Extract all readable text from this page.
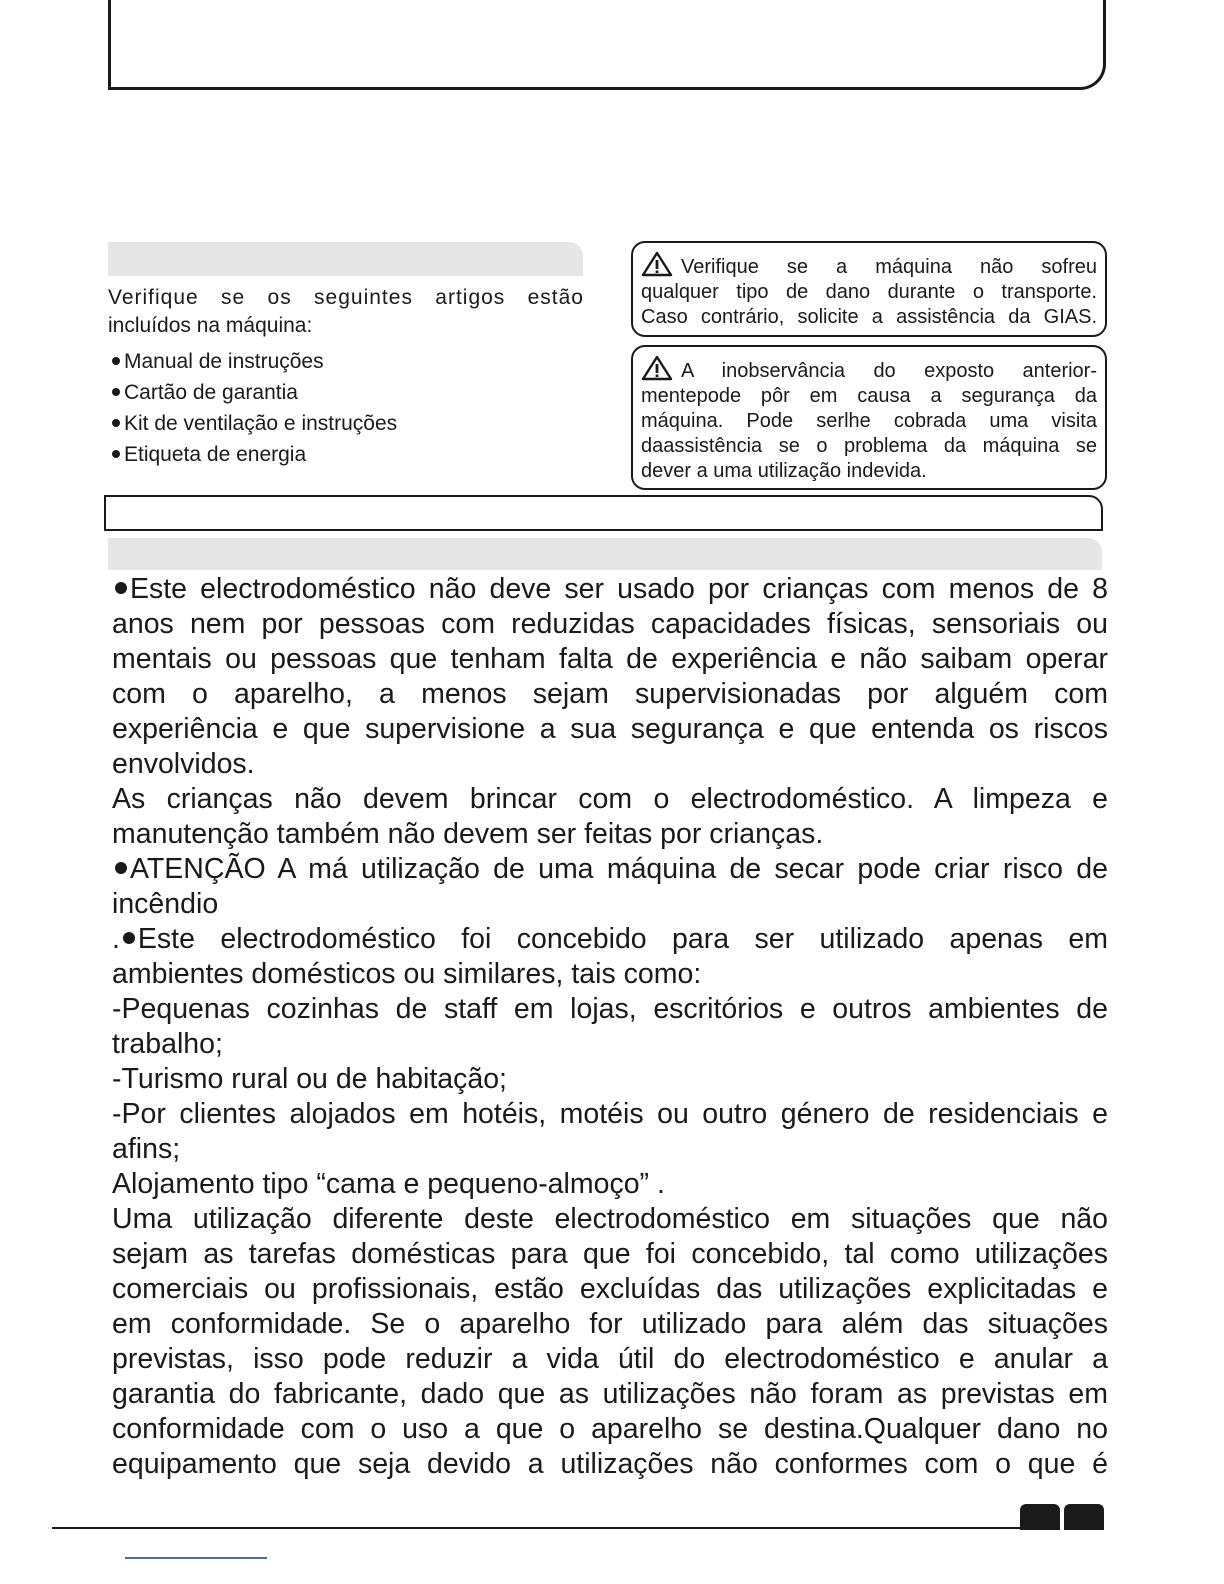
Verifique se os seguintes artigos estão
incluídos na máquina:
Manual de instruções
Cartão de garantia
Kit de ventilação e instruções
Etiqueta de energia
Verifique se a máquina não sofreu
qualquer tipo de dano durante o transporte.
Caso contrário, solicite a assistência da GIAS.
A inobservância do exposto anterior-
mentepode pôr em causa a segurança da
máquina. Pode serlhe cobrada uma visita
daassistência se o problema da máquina se
dever a uma utilização indevida.
Este electrodoméstico não deve ser usado por crianças com menos de 8
anos nem por pessoas com reduzidas capacidades físicas, sensoriais ou
mentais ou pessoas que tenham falta de experiência e não saibam operar
com o aparelho, a menos sejam supervisionadas por alguém com
experiência e que supervisione a sua segurança e que entenda os riscos
envolvidos.
As crianças não devem brincar com o electrodoméstico. A limpeza e
manutenção também não devem ser feitas por crianças.
ATENÇÃO A má utilização de uma máquina de secar pode criar risco de
incêndio
. Este electrodoméstico foi concebido para ser utilizado apenas em
ambientes domésticos ou similares, tais como:
-Pequenas cozinhas de staff em lojas, escritórios e outros ambientes de
trabalho;
-Turismo rural ou de habitação;
-Por clientes alojados em hotéis, motéis ou outro género de residenciais e
afins;
Alojamento tipo “cama e pequeno-almoço” .
Uma utilização diferente deste electrodoméstico em situações que não
sejam as tarefas domésticas para que foi concebido, tal como utilizações
comerciais ou profissionais, estão excluídas das utilizações explicitadas e
em conformidade. Se o aparelho for utilizado para além das situações
previstas, isso pode reduzir a vida útil do electrodoméstico e anular a
garantia do fabricante, dado que as utilizações não foram as previstas em
conformidade com o uso a que o aparelho se destina.Qualquer dano no
equipamento que seja devido a utilizações não conformes com o que é
